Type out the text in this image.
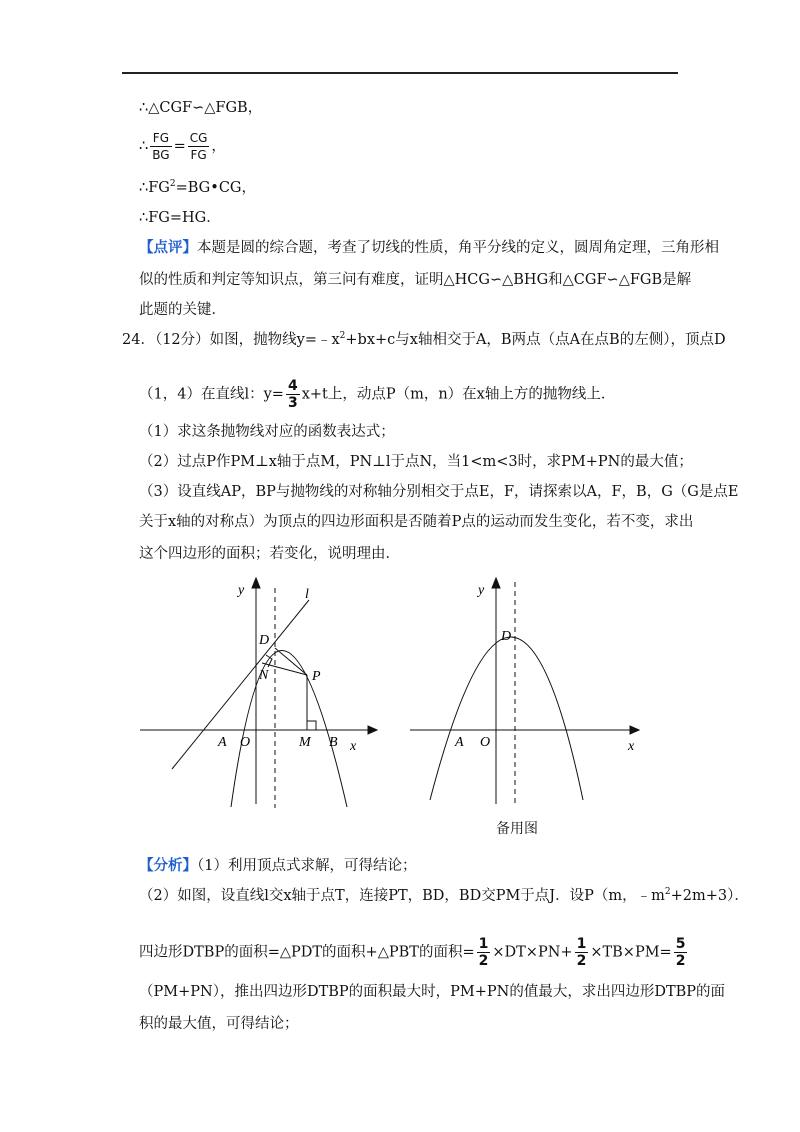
∴△CGF∽△FGB，
∴ $\frac{FG}{BG} = \frac{CG}{FG}$ ，
$\therefore FG^2=BG•CG$，
∴FG=HG．
【点评】本题是圆的综合题，考查了切线的性质，角平分线的定义，圆周角定理，三角形相
似的性质和判定等知识点，第三问有难度，证明△HCG∽△BHG和△CGF∽△FGB是解
此题的关键．
24．（12分）如图，抛物线$y=﹣x^2+bx+c$与x轴相交于A，B两点（点A在点B的左侧），顶点D
（1，4）在直线l：$y= \frac{4}{3} x+t$上，动点P（m，n）在x轴上方的抛物线上．
（1）求这条抛物线对应的函数表达式；
（2）过点P作PM⊥x轴于点M，PN⊥l于点N，当1<m<3时，求PM+PN的最大值；
（3）设直线AP，BP与抛物线的对称轴分别相交于点E，F，请探索以A，F，B，G（G是点E
关于x轴的对称点）为顶点的四边形面积是否随着P点的运动而发生变化，若不变，求出
这个四边形的面积；若变化，说明理由．
y	l
D
N	P
A O	M B x
y
D
A O	x
备用图
【分析】（1）利用顶点式求解，可得结论；
（2）如图，设直线l交x轴于点T，连接PT，BD，BD交PM于点J．设P（m，$﹣m^2+2m+3$）．
四边形DTBP的面积=△PDT的面积+△PBT的面积= $\frac{1}{2} \times DT\times PN+ \frac{1}{2} \times TB\times PM= \frac{5}{2}$
（PM+PN），推出四边形DTBP的面积最大时，PM+PN的值最大，求出四边形DTBP的面
积的最大值，可得结论；
